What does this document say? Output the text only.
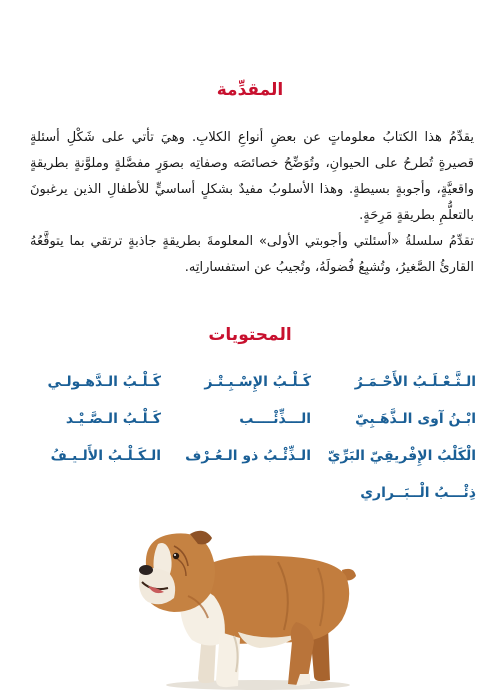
المقدِّمة

يقدِّمُ هذا الكتابُ معلوماتٍ عن بعضِ أنواعِ الكلابِ. وهيَ تأتي على شَكْلِ أسئلةٍ قصيرةٍ تُطرحُ على الحيوانِ، وتُوَضِّحُ خصائصَه وصفاتِه بصوَرٍ مفصَّلةٍ وملوَّنةٍ بطريقةٍ واقعيَّةٍ، وأجوبةٍ بسيطةٍ. وهذا الأسلوبُ مفيدٌ بشكلٍ أساسيٍّ للأطفالِ الذين يرغبونَ بالتعلُّمِ بطريقةٍ مَرِحَةٍ.

تقدِّمُ سلسلةُ «أسئلتي وأجوبتي الأولى» المعلومةَ بطريقةٍ جاذبةٍ ترتقي بما يتوقَّعُهُ القارئُ الصَّغيرُ، وتُشبِعُ فُضولَهُ، وتُجيبُ عن استفساراتِه.

المحتويات
الـثَّـعْـلَـبُ الأَحْـمَـرُ
كَـلْـبُ الإِسْـبِـتْـز
كَـلْـبُ الـدَّهـولـي
ابْـنُ آوى الـذَّهَـبِيّ
الـــذِّئْــــب
كَـلْـبُ الـصَّـيْـد
الْكَلْبُ الإِفْريقِيّ البَرِّيّ
الـذِّئْـبُ ذو الـعُـرْف
الـكَـلْـبُ الأَلـيـفُ
ذِئْـــبُ الْــبَــراري
